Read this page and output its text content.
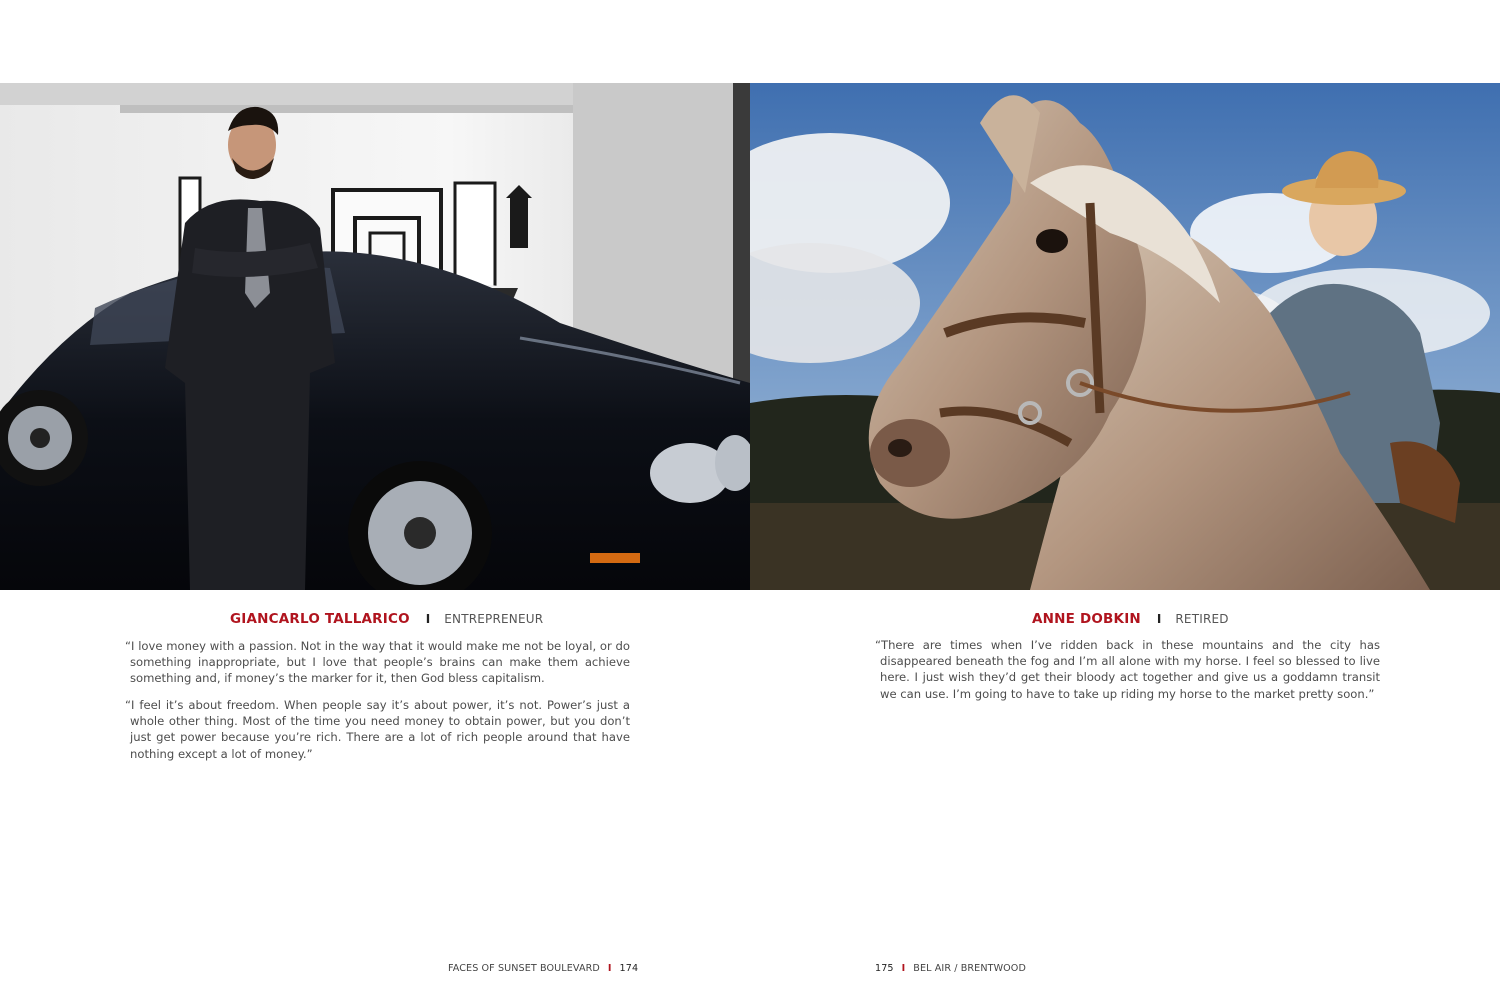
GIANCARLO TALLARICO I ENTREPRENEUR

“I love money with a passion. Not in the way that it would make me not be loyal, or do something inappropriate, but I love that people’s brains can make them achieve something and, if money’s the marker for it, then God bless capitalism.

“I feel it’s about freedom. When people say it’s about power, it’s not. Power’s just a whole other thing. Most of the time you need money to obtain power, but you don’t just get power because you’re rich. There are a lot of rich people around that have nothing except a lot of money.”

ANNE DOBKIN I RETIRED

“There are times when I’ve ridden back in these mountains and the city has disappeared beneath the fog and I’m all alone with my horse. I feel so blessed to live here. I just wish they’d get their bloody act together and give us a goddamn transit we can use. I’m going to have to take up riding my horse to the market pretty soon.”

FACES OF SUNSET BOULEVARD I 174	175 I BEL AIR / BRENTWOOD
